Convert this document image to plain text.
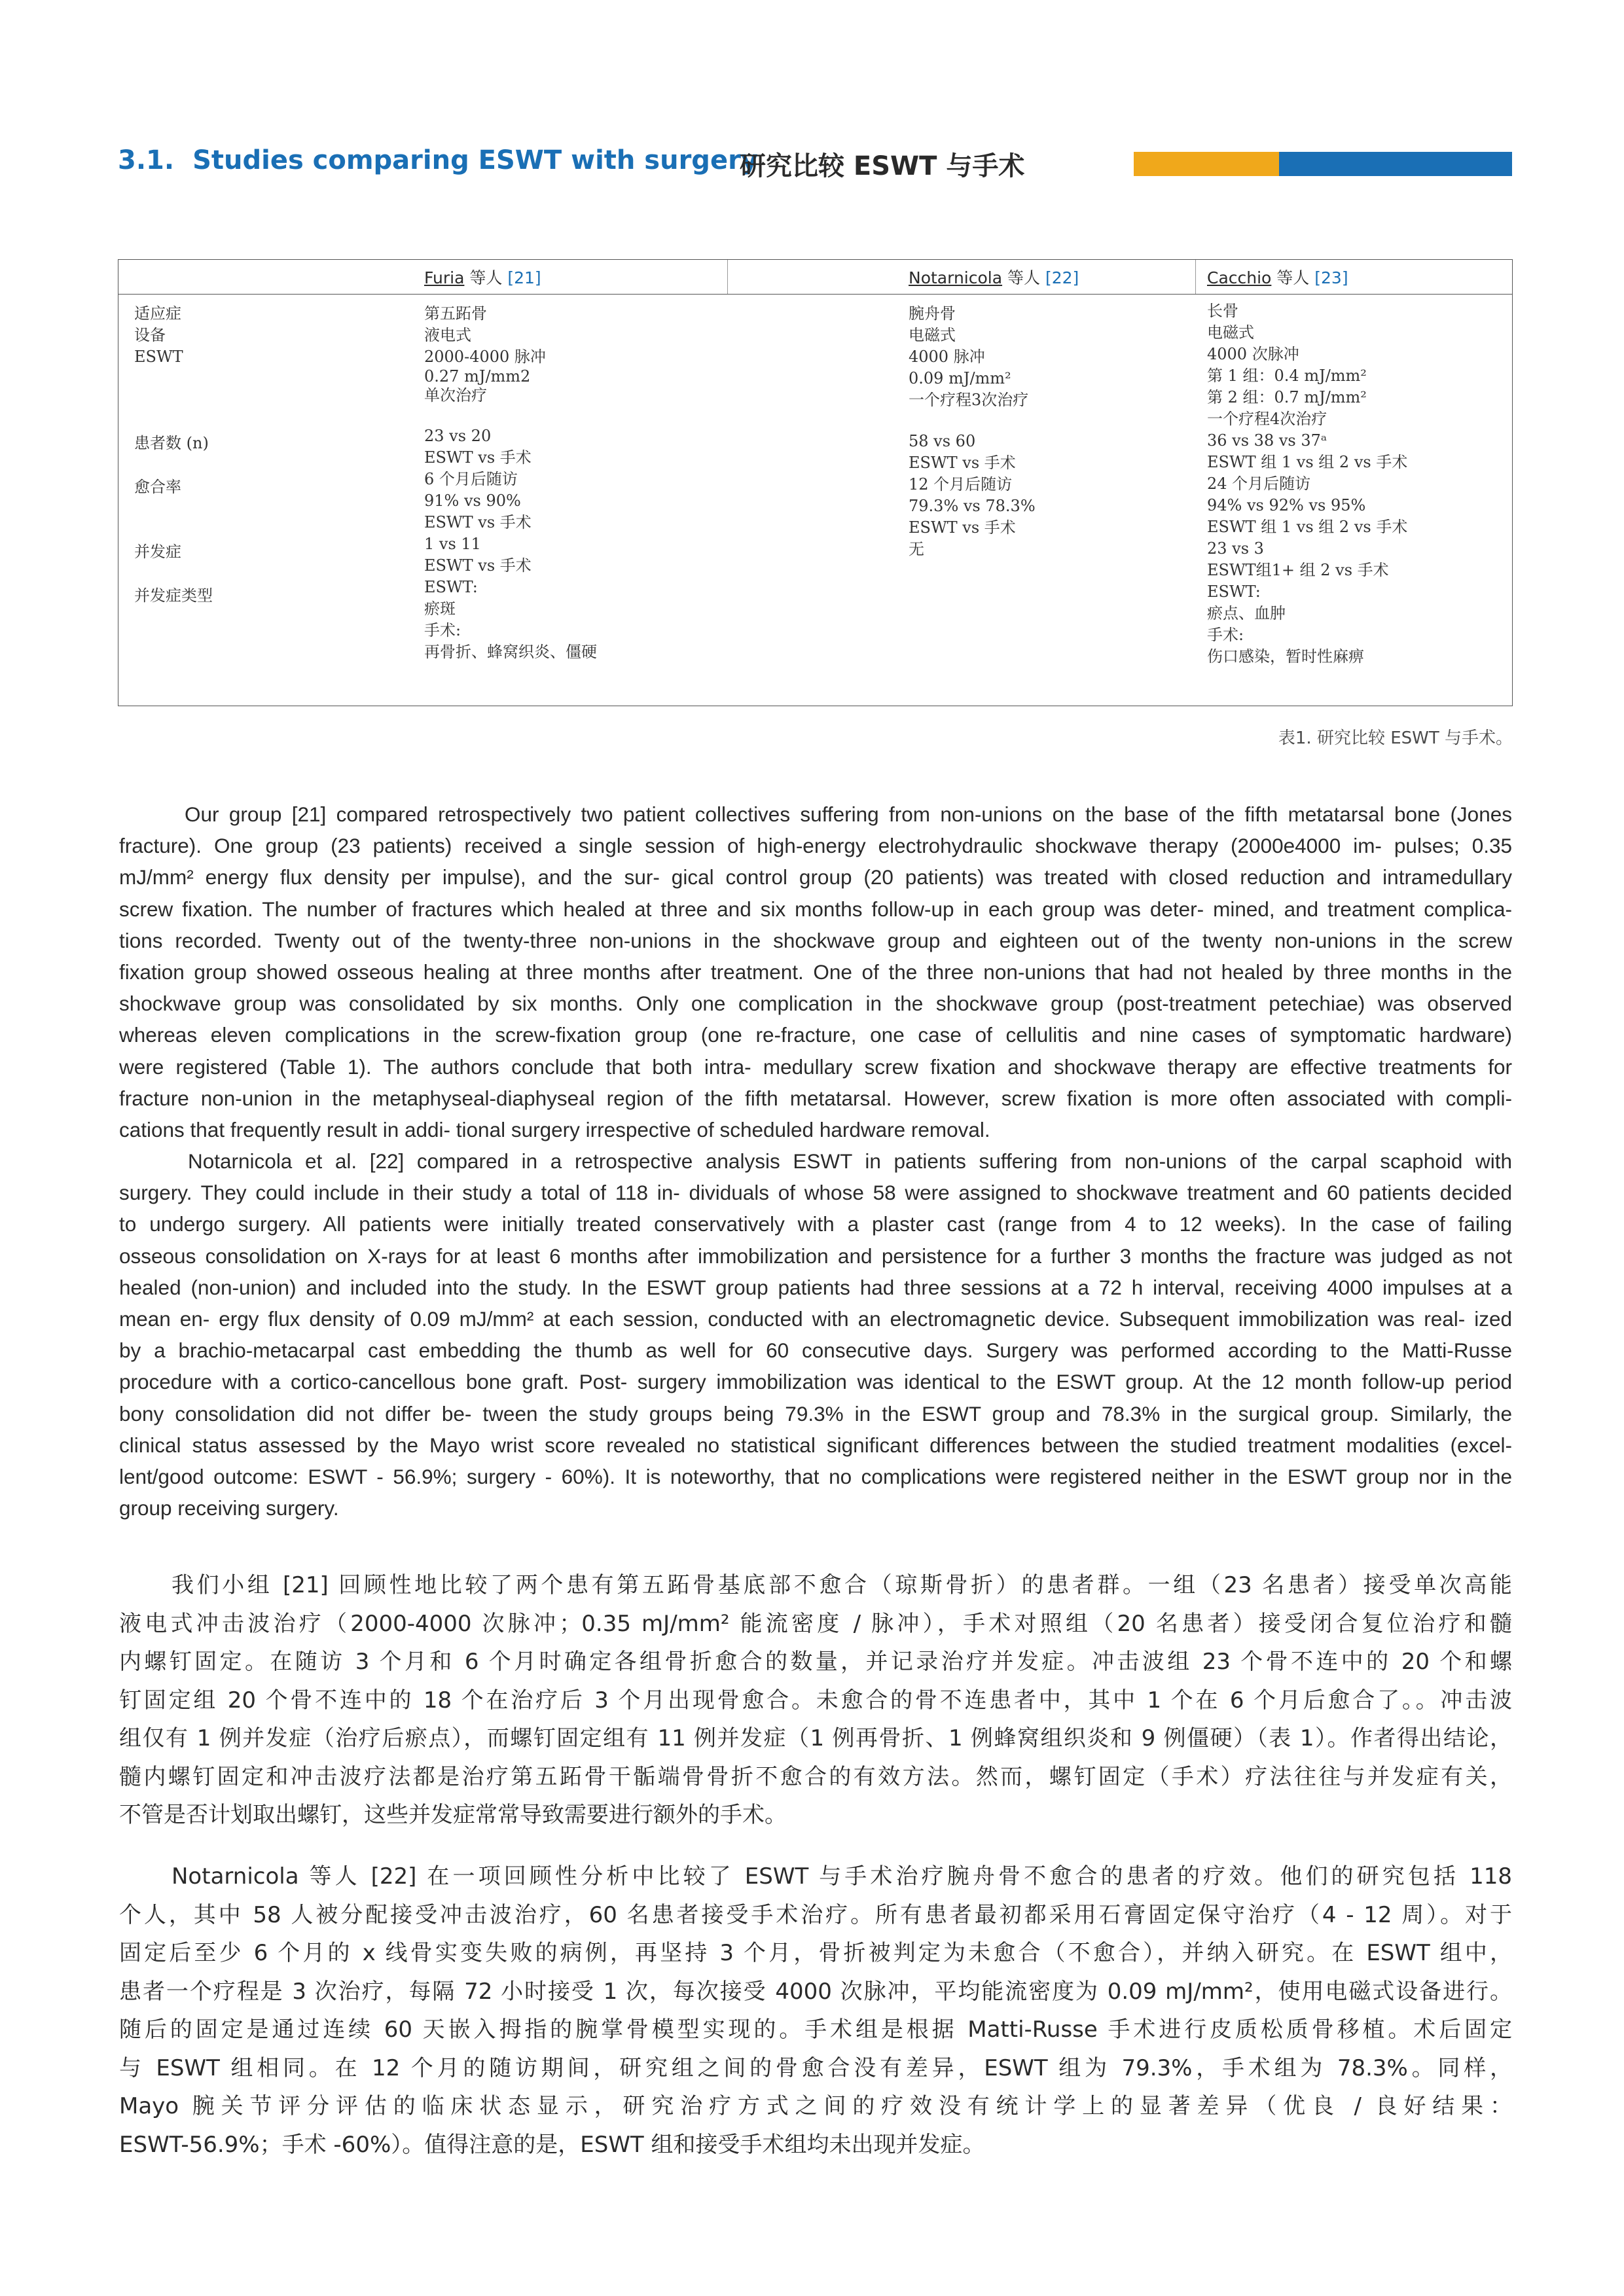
3.1. Studies comparing ESWT with surgery
研究比较 ESWT 与手术
Furia 等人 [21]	Notarnicola 等人 [22]	Cacchio 等人 [23]
适应症
设备
ESWT
患者数 (n)
愈合率
并发症
并发症类型
第五跖骨
液电式
2000-4000 脉冲
0.27 mJ/mm2
单次治疗
23 vs 20
ESWT vs 手术
6 个月后随访
91% vs 90%
ESWT vs 手术
1 vs 11
ESWT vs 手术
ESWT:
瘀斑
手术:
再骨折、蜂窝织炎、僵硬
腕舟骨
电磁式
4000 脉冲
0.09 mJ/mm²
一个疗程3次治疗
58 vs 60
ESWT vs 手术
12 个月后随访
79.3% vs 78.3%
ESWT vs 手术
无
长骨
电磁式
4000 次脉冲
第 1 组：0.4 mJ/mm²
第 2 组：0.7 mJ/mm²
一个疗程4次治疗
36 vs 38 vs 37ᵃ
ESWT 组 1 vs 组 2 vs 手术
24 个月后随访
94% vs 92% vs 95%
ESWT 组 1 vs 组 2 vs 手术
23 vs 3
ESWT组1+ 组 2 vs 手术
ESWT:
瘀点、血肿
手术:
伤口感染，暂时性麻痹
表1. 研究比较 ESWT 与手术。
Our group [21] compared retrospectively two patient collectives suffering from non-unions on the base of the fifth metatarsal bone (Jones
fracture). One group (23 patients) received a single session of high-energy electrohydraulic shockwave therapy (2000e4000 im- pulses; 0.35
mJ/mm² energy flux density per impulse), and the sur- gical control group (20 patients) was treated with closed reduction and intramedullary
screw fixation. The number of fractures which healed at three and six months follow-up in each group was deter- mined, and treatment complica-
tions recorded. Twenty out of the twenty-three non-unions in the shockwave group and eighteen out of the twenty non-unions in the screw
fixation group showed osseous healing at three months after treatment. One of the three non-unions that had not healed by three months in the
shockwave group was consolidated by six months. Only one complication in the shockwave group (post-treatment petechiae) was observed
whereas eleven complications in the screw-fixation group (one re-fracture, one case of cellulitis and nine cases of symptomatic hardware)
were registered (Table 1). The authors conclude that both intra- medullary screw fixation and shockwave therapy are effective treatments for
fracture non-union in the metaphyseal-diaphyseal region of the fifth metatarsal. However, screw fixation is more often associated with compli-
cations that frequently result in addi- tional surgery irrespective of scheduled hardware removal.
Notarnicola et al. [22] compared in a retrospective analysis ESWT in patients suffering from non-unions of the carpal scaphoid with
surgery. They could include in their study a total of 118 in- dividuals of whose 58 were assigned to shockwave treatment and 60 patients decided
to undergo surgery. All patients were initially treated conservatively with a plaster cast (range from 4 to 12 weeks). In the case of failing
osseous consolidation on X-rays for at least 6 months after immobilization and persistence for a further 3 months the fracture was judged as not
healed (non-union) and included into the study. In the ESWT group patients had three sessions at a 72 h interval, receiving 4000 impulses at a
mean en- ergy flux density of 0.09 mJ/mm² at each session, conducted with an electromagnetic device. Subsequent immobilization was real- ized
by a brachio-metacarpal cast embedding the thumb as well for 60 consecutive days. Surgery was performed according to the Matti-Russe
procedure with a cortico-cancellous bone graft. Post- surgery immobilization was identical to the ESWT group. At the 12 month follow-up period
bony consolidation did not differ be- tween the study groups being 79.3% in the ESWT group and 78.3% in the surgical group. Similarly, the
clinical status assessed by the Mayo wrist score revealed no statistical significant differences between the studied treatment modalities (excel-
lent/good outcome: ESWT - 56.9%; surgery - 60%). It is noteworthy, that no complications were registered neither in the ESWT group nor in the
group receiving surgery.
我们小组 [21] 回顾性地比较了两个患有第五跖骨基底部不愈合（琼斯骨折）的患者群。一组（23 名患者）接受单次高能
液电式冲击波治疗（2000-4000 次脉冲；0.35 mJ/mm² 能流密度 / 脉冲），手术对照组（20 名患者）接受闭合复位治疗和髓
内螺钉固定。在随访 3 个月和 6 个月时确定各组骨折愈合的数量，并记录治疗并发症。冲击波组 23 个骨不连中的 20 个和螺
钉固定组 20 个骨不连中的 18 个在治疗后 3 个月出现骨愈合。未愈合的骨不连患者中，其中 1 个在 6 个月后愈合了。。冲击波
组仅有 1 例并发症（治疗后瘀点），而螺钉固定组有 11 例并发症（1 例再骨折、1 例蜂窝组织炎和 9 例僵硬）（表 1）。作者得出结论，
髓内螺钉固定和冲击波疗法都是治疗第五跖骨干骺端骨骨折不愈合的有效方法。然而，螺钉固定（手术）疗法往往与并发症有关，
不管是否计划取出螺钉，这些并发症常常导致需要进行额外的手术。
Notarnicola 等人 [22] 在一项回顾性分析中比较了 ESWT 与手术治疗腕舟骨不愈合的患者的疗效。他们的研究包括 118
个人，其中 58 人被分配接受冲击波治疗，60 名患者接受手术治疗。所有患者最初都采用石膏固定保守治疗（4 - 12 周）。对于
固定后至少 6 个月的 x 线骨实变失败的病例，再坚持 3 个月，骨折被判定为未愈合（不愈合），并纳入研究。在 ESWT 组中，
患者一个疗程是 3 次治疗，每隔 72 小时接受 1 次，每次接受 4000 次脉冲，平均能流密度为 0.09 mJ/mm²，使用电磁式设备进行。
随后的固定是通过连续 60 天嵌入拇指的腕掌骨模型实现的。手术组是根据 Matti-Russe 手术进行皮质松质骨移植。术后固定
与 ESWT 组相同。在 12 个月的随访期间，研究组之间的骨愈合没有差异，ESWT 组为 79.3%，手术组为 78.3%。同样，
Mayo 腕关节评分评估的临床状态显示，研究治疗方式之间的疗效没有统计学上的显著差异（优良 / 良好结果：
ESWT-56.9%；手术 -60%）。值得注意的是，ESWT 组和接受手术组均未出现并发症。
